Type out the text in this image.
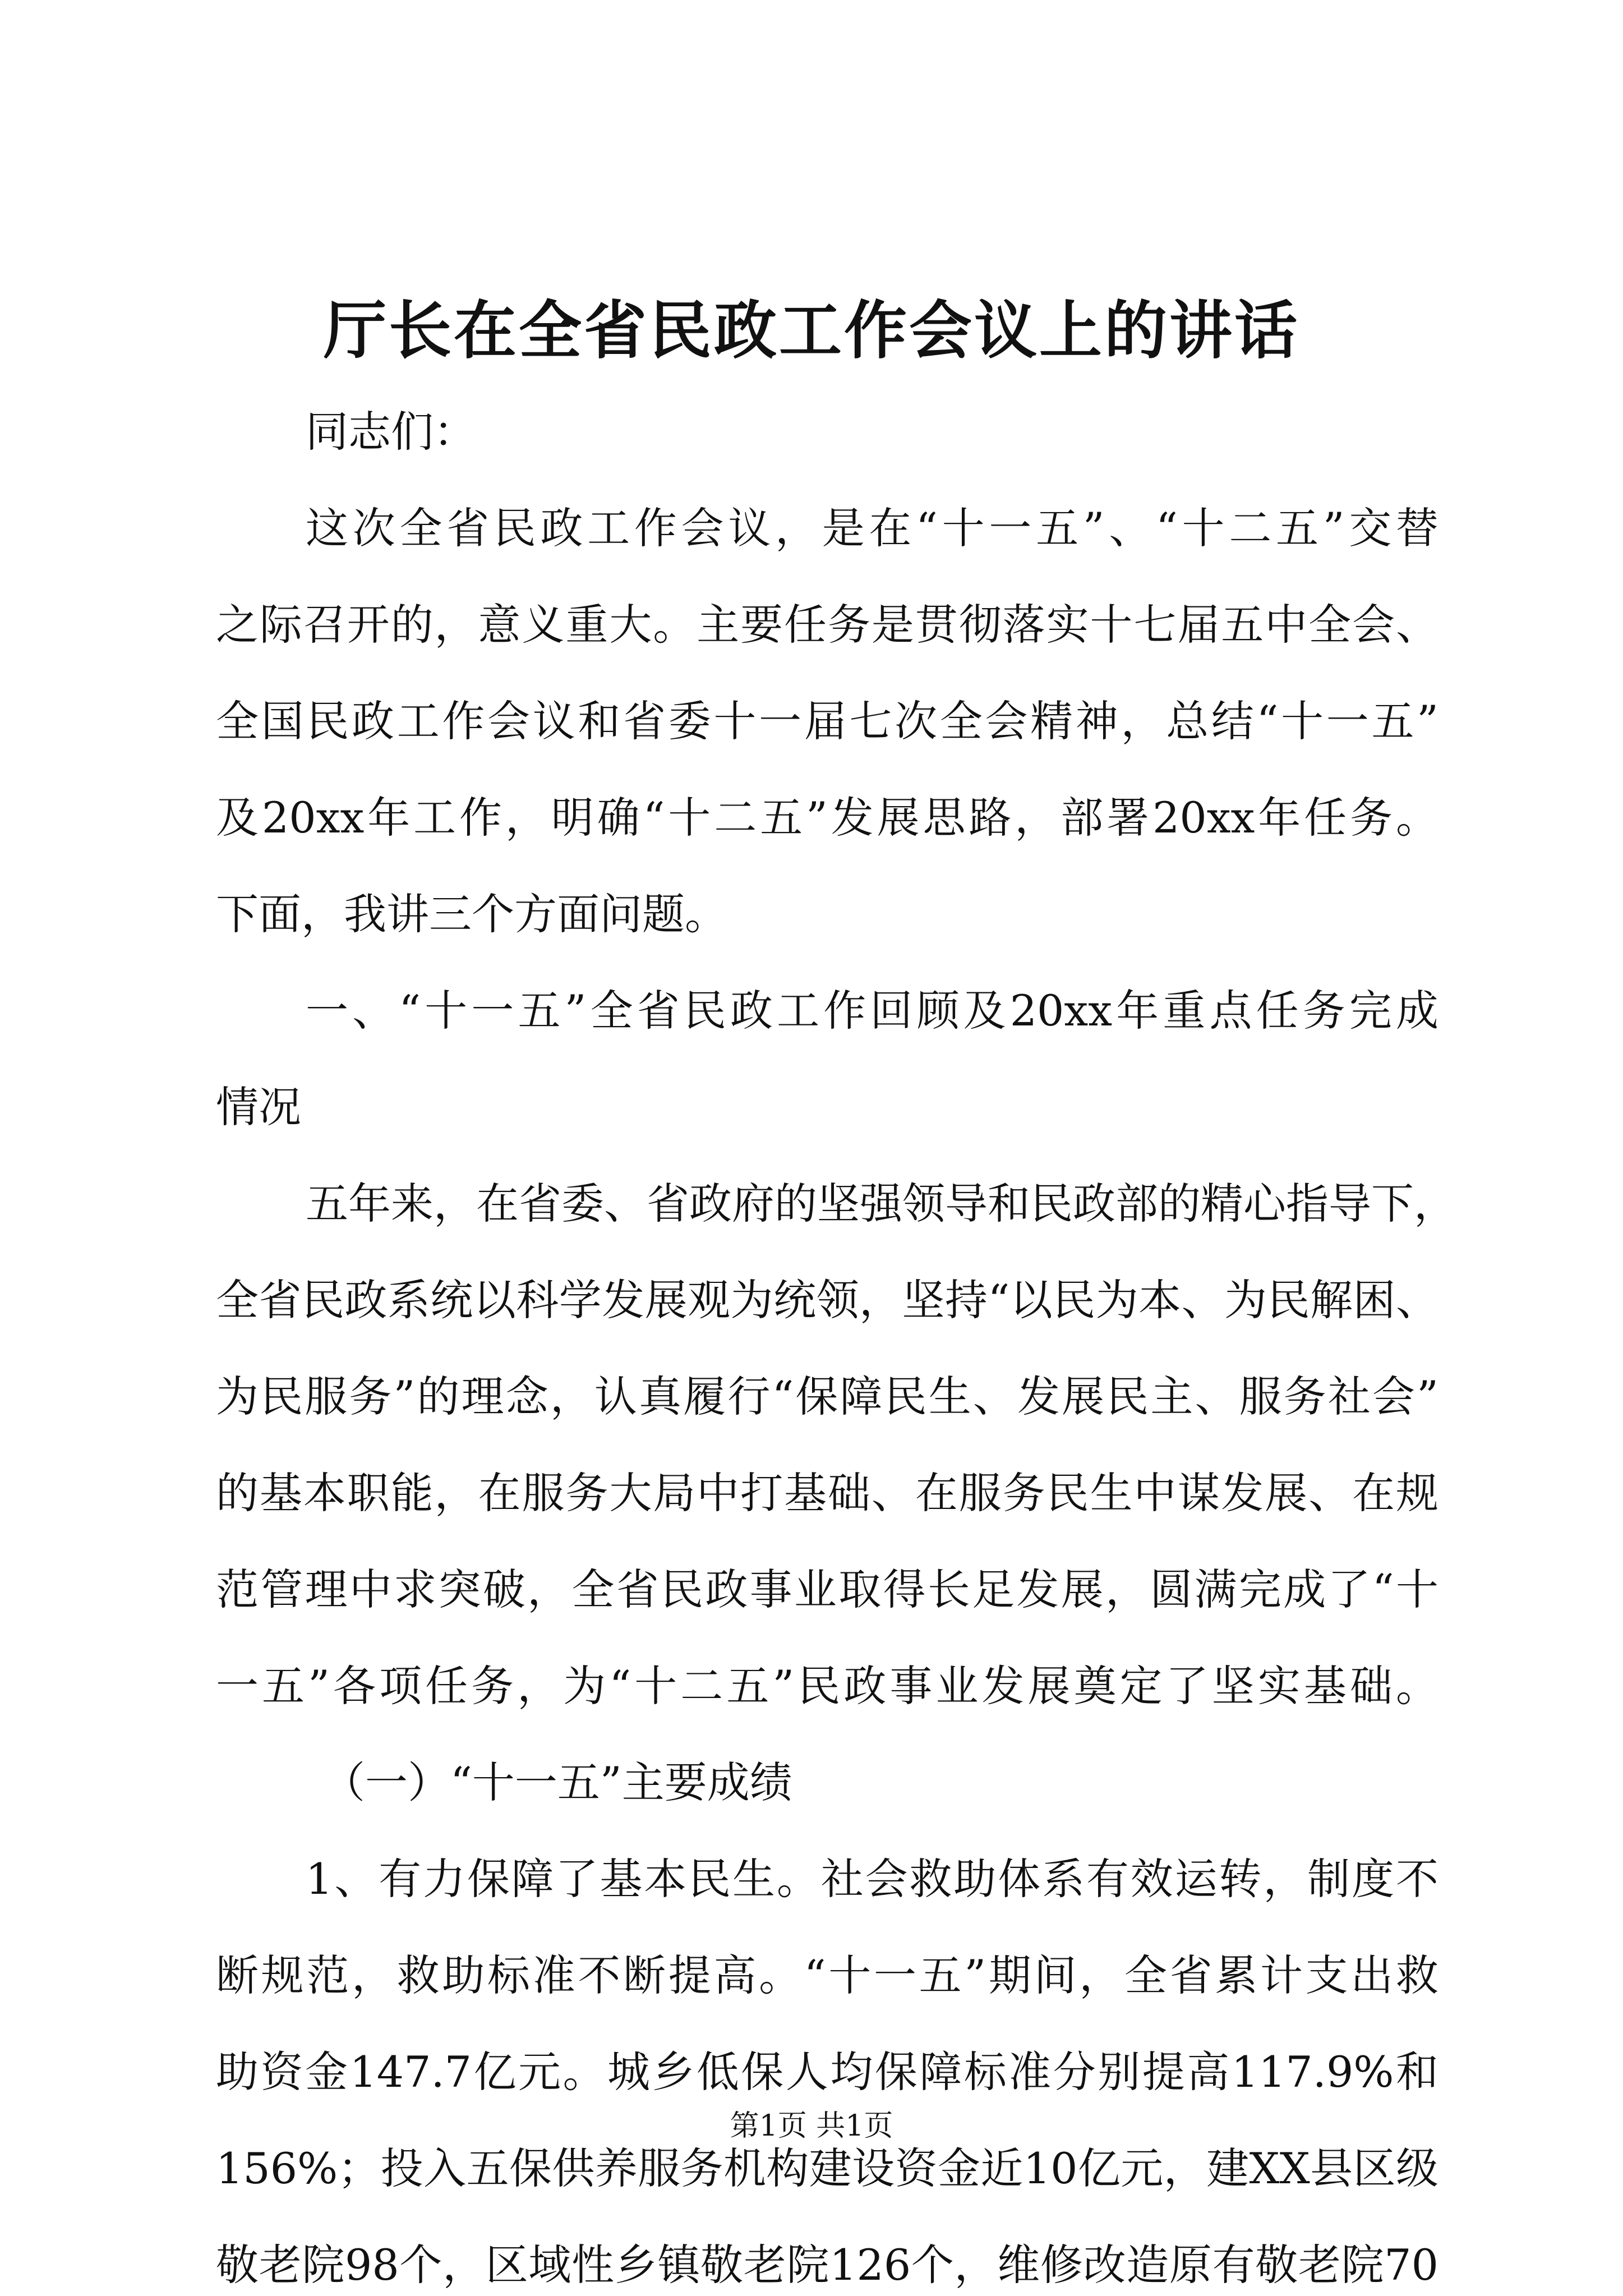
厅长在全省民政工作会议上的讲话
同志们：
这次全省民政工作会议，是在“十一五”、“十二五”交替
之际召开的，意义重大。主要任务是贯彻落实十七届五中全会、
全国民政工作会议和省委十一届七次全会精神，总结“十一五”
及20xx年工作，明确“十二五”发展思路，部署20xx年任务。
下面，我讲三个方面问题。
一、“十一五”全省民政工作回顾及20xx年重点任务完成
情况
五年来，在省委、省政府的坚强领导和民政部的精心指导下，
全省民政系统以科学发展观为统领，坚持“以民为本、为民解困、
为民服务”的理念，认真履行“保障民生、发展民主、服务社会”
的基本职能，在服务大局中打基础、在服务民生中谋发展、在规
范管理中求突破，全省民政事业取得长足发展，圆满完成了“十
一五”各项任务，为“十二五”民政事业发展奠定了坚实基础。
（一）“十一五”主要成绩
1、有力保障了基本民生。社会救助体系有效运转，制度不
断规范，救助标准不断提高。“十一五”期间，全省累计支出救
助资金147.7亿元。城乡低保人均保障标准分别提高117.9%和
156%；投入五保供养服务机构建设资金近10亿元，建XX县区级
敬老院98个，区域性乡镇敬老院126个，维修改造原有敬老院70
第1页 共1页
